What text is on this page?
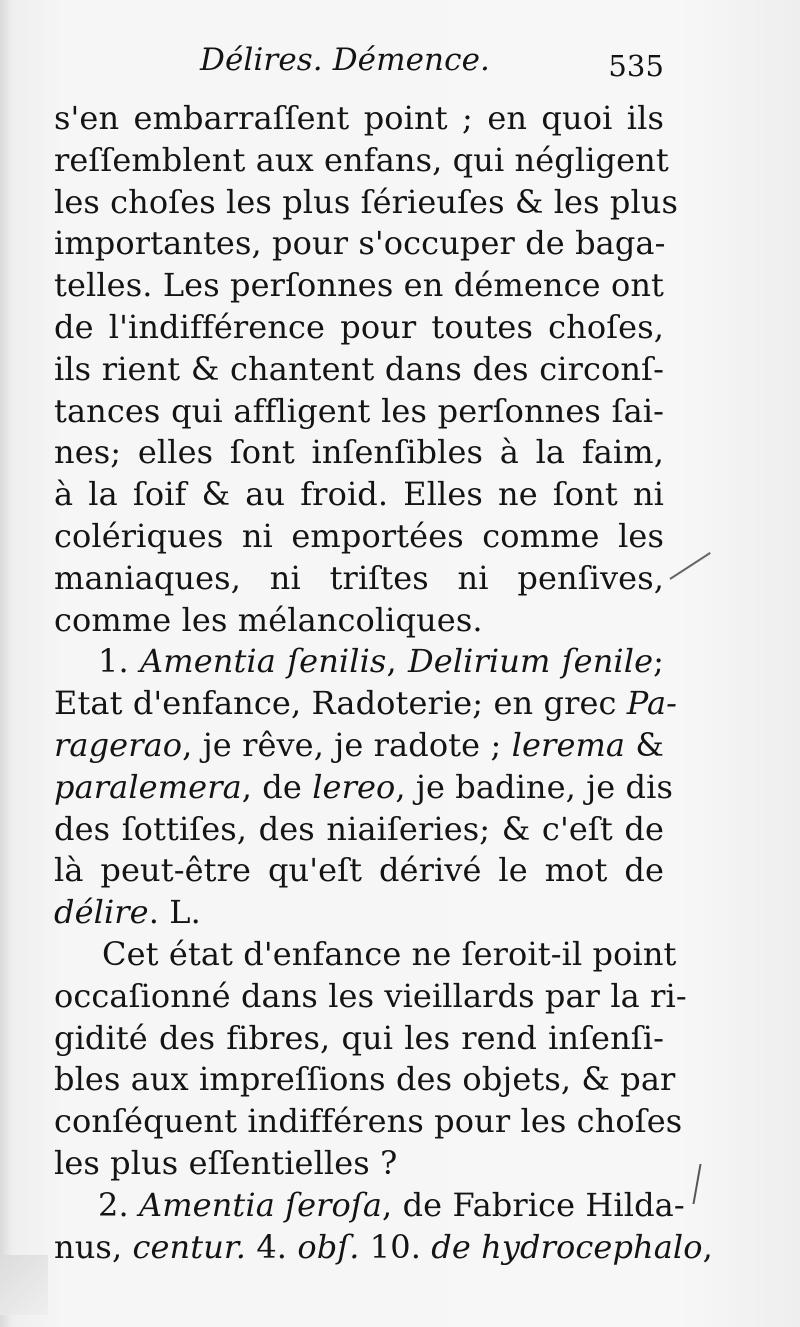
Délires. Démence.	535
s'en embarraſſent point ; en quoi ils
reſſemblent aux enfans, qui négligent
les choſes les plus ſérieuſes & les plus
importantes, pour s'occuper de baga-
telles. Les perſonnes en démence ont
de l'indifférence pour toutes choſes,
ils rient & chantent dans des circonſ-
tances qui affligent les perſonnes ſai-
nes; elles ſont inſenſibles à la faim,
à la ſoif & au froid. Elles ne ſont ni
colériques ni emportées comme les
maniaques, ni triſtes ni penſives,
comme les mélancoliques.
1. Amentia ſenilis, Delirium ſenile;
Etat d'enfance, Radoterie; en grec Pa-
ragerao, je rêve, je radote ; lerema &
paralemera, de lereo, je badine, je dis
des ſottiſes, des niaiſeries; & c'eſt de
là peut-être qu'eſt dérivé le mot de
délire. L.
Cet état d'enfance ne ſeroit-il point
occaſionné dans les vieillards par la ri-
gidité des fibres, qui les rend inſenſi-
bles aux impreſſions des objets, & par
conſéquent indifférens pour les choſes
les plus eſſentielles ?
2. Amentia ſeroſa, de Fabrice Hilda-
nus, centur. 4. obſ. 10. de hydrocephalo,
